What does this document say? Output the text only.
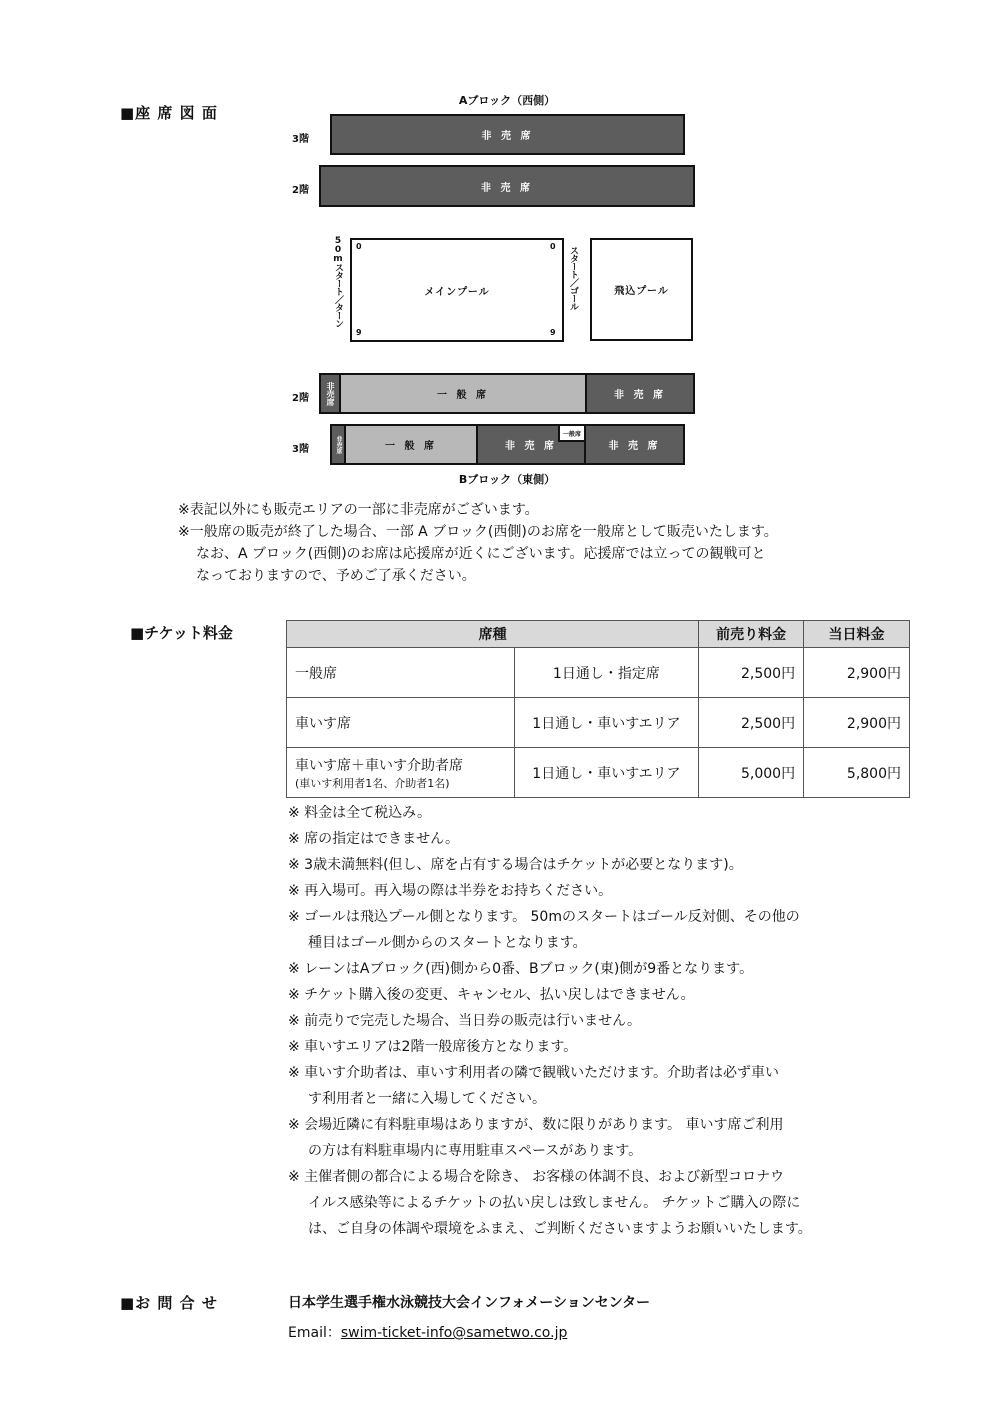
■座 席 図 面
Aブロック（西側）
3階	非 売 席
2階	非 売 席
50mスタート／ターン	メインプール
0	0
9	9
スタート／ゴール	飛込プール
2階 非売席	一 般 席	非 売 席
3階	非売席	一 般 席	非 売 席
一般席
非 売 席
Bブロック（東側）
※表記以外にも販売エリアの一部に非売席がございます。
※一般席の販売が終了した場合、一部 A ブロック(西側)のお席を一般席として販売いたします。
なお、A ブロック(西側)のお席は応援席が近くにございます。応援席では立っての観戦可と
なっておりますので、予めご了承ください。
■チケット料金	席種		前売り料金	当日料金
一般席	1日通し・指定席	2,500円	2,900円
車いす席	1日通し・車いすエリア	2,500円	2,900円
車いす席＋車いす介助者席
(車いす利用者1名、介助者1名)	1日通し・車いすエリア	5,000円	5,800円
※ 料金は全て税込み。
※ 席の指定はできません。
※ 3歳未満無料(但し、席を占有する場合はチケットが必要となります)。
※ 再入場可。再入場の際は半券をお持ちください。
※ ゴールは飛込プール側となります。 50mのスタートはゴール反対側、その他の
種目はゴール側からのスタートとなります。
※ レーンはAブロック(西)側から0番、Bブロック(東)側が9番となります。
※ チケット購入後の変更、キャンセル、払い戻しはできません。
※ 前売りで完売した場合、当日券の販売は行いません。
※ 車いすエリアは2階一般席後方となります。
※ 車いす介助者は、車いす利用者の隣で観戦いただけます。介助者は必ず車い
す利用者と一緒に入場してください。
※ 会場近隣に有料駐車場はありますが、数に限りがあります。 車いす席ご利用
の方は有料駐車場内に専用駐車スペースがあります。
※ 主催者側の都合による場合を除き、 お客様の体調不良、および新型コロナウ
イルス感染等によるチケットの払い戻しは致しません。 チケットご購入の際に
は、ご自身の体調や環境をふまえ、ご判断くださいますようお願いいたします。
■お 問 合 せ	日本学生選手権水泳競技大会インフォメーションセンター
Email：swim-ticket-info@sametwo.co.jp
